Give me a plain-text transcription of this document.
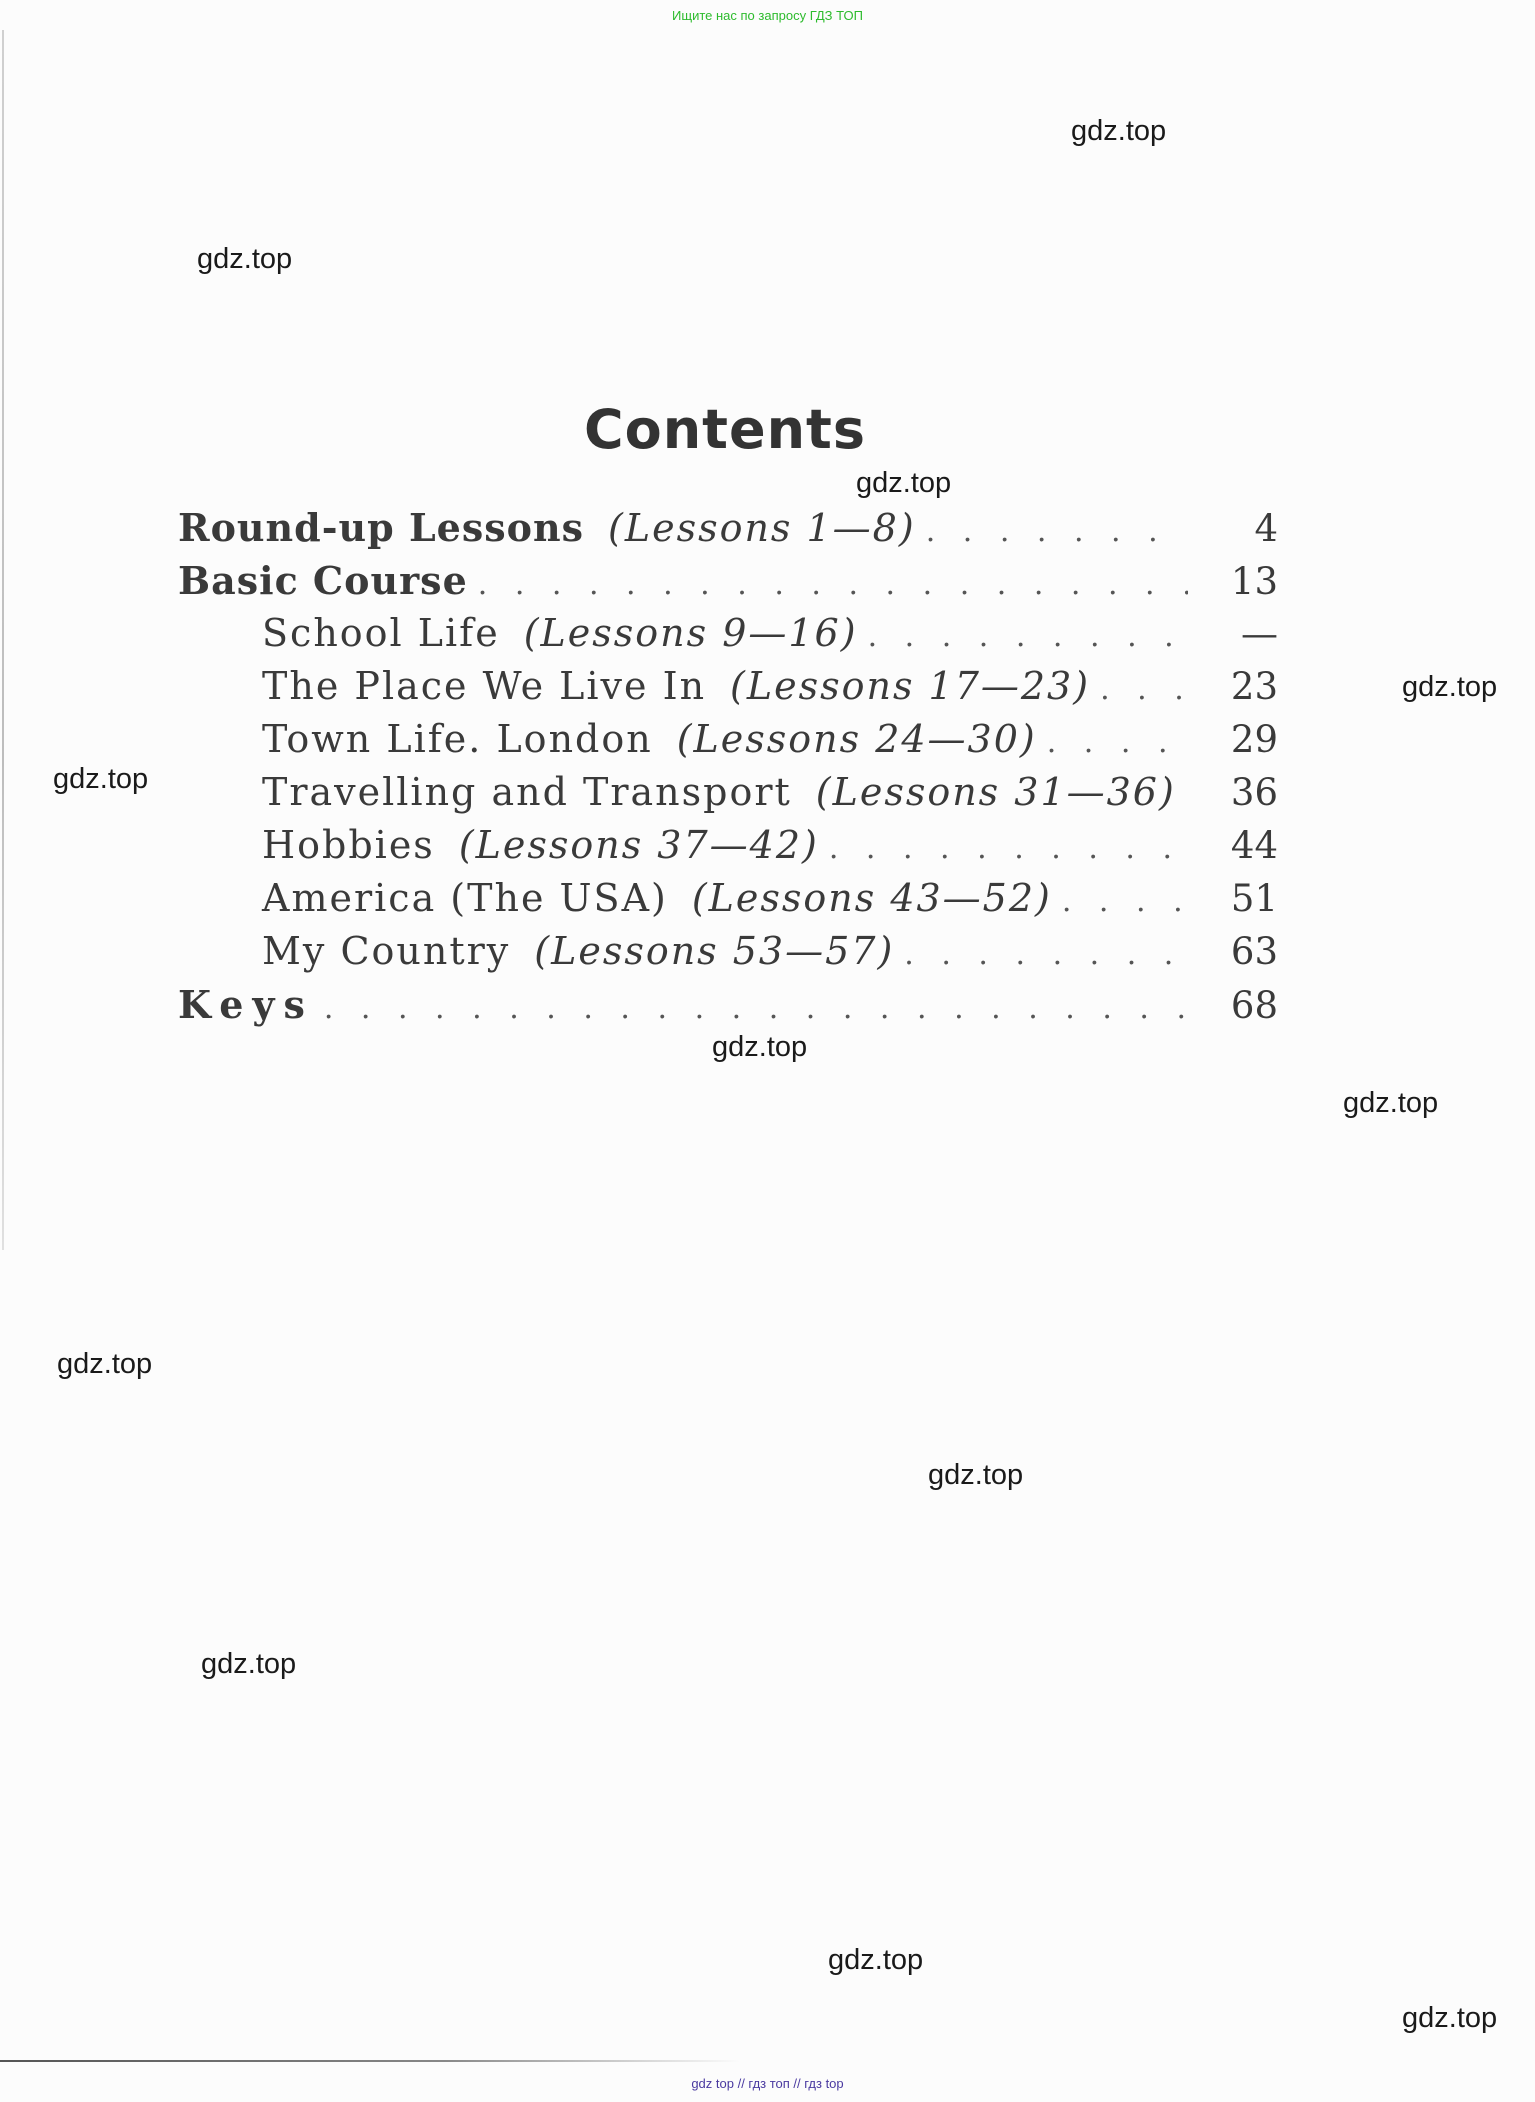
Ищите нас по запросу ГДЗ ТОП
gdz.top
gdz.top
gdz.top
gdz.top
gdz.top
gdz.top
gdz.top
gdz.top
gdz.top
gdz.top
gdz.top
gdz.top
Contents
Round-up Lessons (Lessons 1—8) . . .	4
Basic Course . . .	13
School Life (Lessons 9—16) . . .	—
The Place We Live In (Lessons 17—23) . . .	23
Town Life. London (Lessons 24—30) . . .	29
Travelling and Transport (Lessons 31—36) . . .	36
Hobbies (Lessons 37—42) . . .	44
America (The USA) (Lessons 43—52) . . .	51
My Country (Lessons 53—57) . . .	63
Keys . . .	68
gdz top // гдз топ // гдз top
